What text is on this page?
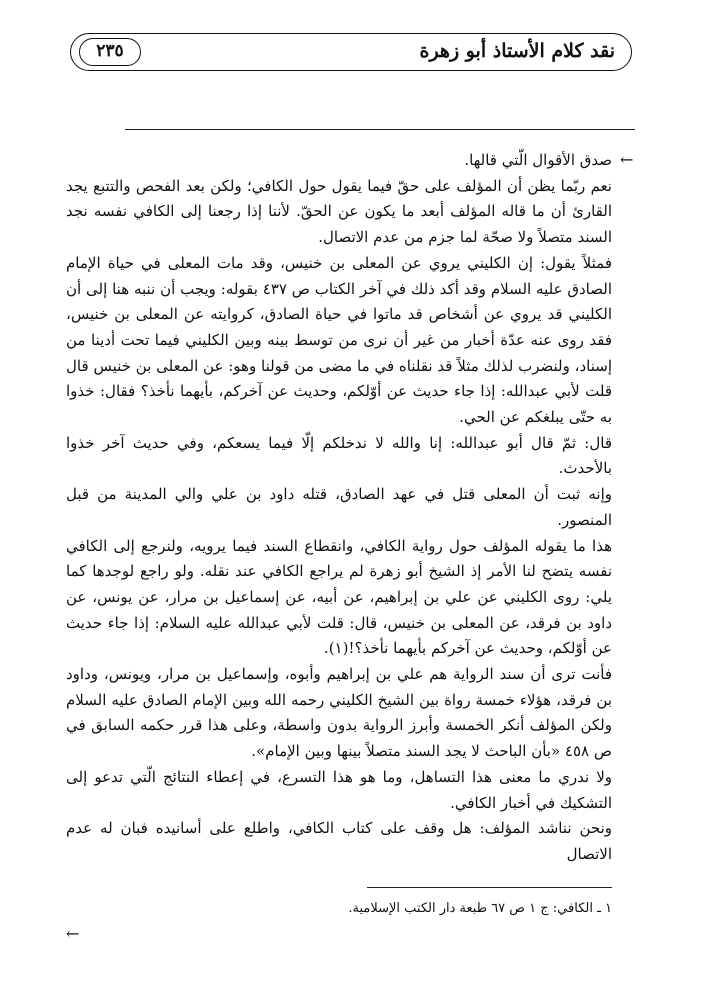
نقد كلام الأستاذ أبو زهرة
٢٣٥
←

صدق الأقوال الّتي قالها.

نعم ربّما يظن أن المؤلف على حقّ فيما يقول حول الكافي؛ ولكن بعد الفحص والتتبع يجد القارئ أن ما قاله المؤلف أبعد ما يكون عن الحقّ. لأننا إذا رجعنا إلى الكافي نفسه نجد السند متصلاً ولا صحّة لما جزم من عدم الاتصال.

فمثلاً يقول: إن الكليني يروي عن المعلى بن خنيس، وقد مات المعلى في حياة الإمام الصادق عليه السلام وقد أكد ذلك في آخر الكتاب ص ٤٣٧ بقوله: ويجب أن ننبه هنا إلى أن الكليني قد يروي عن أشخاص قد ماتوا في حياة الصادق، كروايته عن المعلى بن خنيس، فقد روى عنه عدّة أخبار من غير أن نرى من توسط بينه وبين الكليني فيما تحت أدينا من إسناد، ولنضرب لذلك مثلاً قد نقلناه في ما مضى من قولنا وهو: عن المعلى بن خنيس قال قلت لأبي عبدالله: إذا جاء حديث عن أوّلكم، وحديث عن آخركم، بأيهما نأخذ؟ فقال: خذوا به حتّى يبلغكم عن الحي.

قال: ثمّ قال أبو عبدالله: إنا والله لا ندخلكم إلّا فيما يسعكم، وفي حديث آخر خذوا بالأحدث.

وإنه ثبت أن المعلى قتل في عهد الصادق، قتله داود بن علي والي المدينة من قبل المنصور.

هذا ما يقوله المؤلف حول رواية الكافي، وانقطاع السند فيما يرويه، ولنرجع إلى الكافي نفسه يتضح لنا الأمر إذ الشيخ أبو زهرة لم يراجع الكافي عند نقله. ولو راجع لوجدها كما يلي: روى الكليني عن علي بن إبراهيم، عن أبيه، عن إسماعيل بن مرار، عن يونس، عن داود بن فرقد، عن المعلى بن خنيس، قال: قلت لأبي عبدالله عليه السلام: إذا جاء حديث عن أوّلكم، وحديث عن آخركم بأيهما نأخذ؟!(١).

فأنت ترى أن سند الرواية هم علي بن إبراهيم وأبوه، وإسماعيل بن مرار، ويونس، وداود بن فرقد، هؤلاء خمسة رواة بين الشيخ الكليني رحمه الله وبين الإمام الصادق عليه السلام ولكن المؤلف أنكر الخمسة وأبرز الرواية بدون واسطة، وعلى هذا قرر حكمه السابق في ص ٤٥٨ «بأن الباحث لا يجد السند متصلاً بينها وبين الإمام».

ولا ندري ما معنى هذا التساهل، وما هو هذا التسرع، في إعطاء النتائج الّتي تدعو إلى التشكيك في أخبار الكافي.

ونحن نناشد المؤلف: هل وقف على كتاب الكافي، واطلع على أسانيده فبان له عدم الاتصال

١ ـ الكافي: ج ١ ص ٦٧ طبعة دار الكتب الإسلامية.
←
